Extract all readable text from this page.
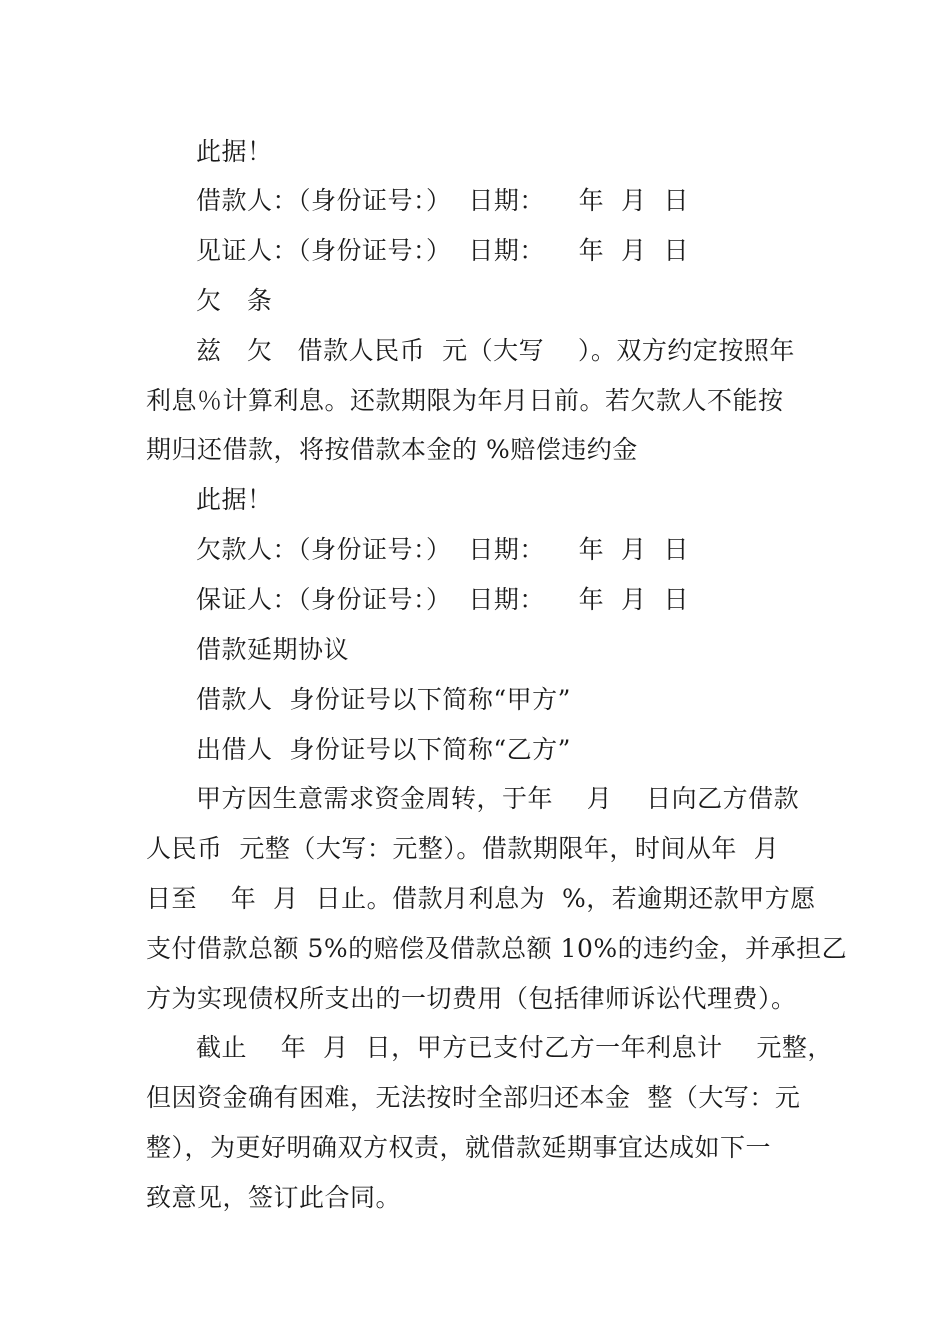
此据！
借款人：（身份证号：）  日期：    年  月  日
见证人：（身份证号：）  日期：    年  月  日
欠   条
兹   欠   借款人民币  元（大写    ）。双方约定按照年
利息％计算利息。还款期限为年月日前。若欠款人不能按
期归还借款，将按借款本金的 %赔偿违约金
此据！
欠款人：（身份证号：）  日期：    年  月  日
保证人：（身份证号：）  日期：    年  月  日
借款延期协议
借款人  身份证号以下简称“甲方”
出借人  身份证号以下简称“乙方”
甲方因生意需求资金周转，于年    月    日向乙方借款
人民币  元整（大写：元整）。借款期限年，时间从年  月
日至    年  月  日止。借款月利息为  %，若逾期还款甲方愿
支付借款总额 5%的赔偿及借款总额 10%的违约金，并承担乙
方为实现债权所支出的一切费用（包括律师诉讼代理费）。
截止    年  月  日，甲方已支付乙方一年利息计    元整，
但因资金确有困难，无法按时全部归还本金  整（大写：元
整），为更好明确双方权责，就借款延期事宜达成如下一
致意见，签订此合同。
